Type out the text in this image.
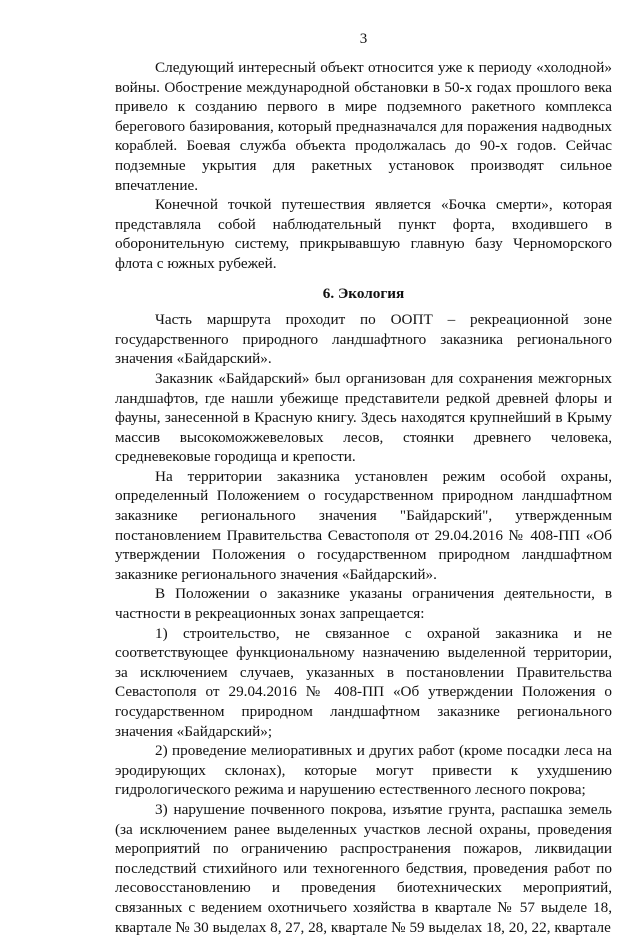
3

Следующий интересный объект относится уже к периоду «холодной» войны. Обострение международной обстановки в 50-х годах прошлого века привело к созданию первого в мире подземного ракетного комплекса берегового базирования, который предназначался для поражения надводных кораблей. Боевая служба объекта продолжалась до 90-х годов. Сейчас подземные укрытия для ракетных установок производят сильное впечатление.

Конечной точкой путешествия является «Бочка смерти», которая представляла собой наблюдательный пункт форта, входившего в оборонительную систему, прикрывавшую главную базу Черноморского флота с южных рубежей.

6. Экология

Часть маршрута проходит по ООПТ – рекреационной зоне государственного природного ландшафтного заказника регионального значения «Байдарский».

Заказник «Байдарский» был организован для сохранения межгорных ландшафтов, где нашли убежище представители редкой древней флоры и фауны, занесенной в Красную книгу. Здесь находятся крупнейший в Крыму массив высокоможжевеловых лесов, стоянки древнего человека, средневековые городища и крепости.

На территории заказника установлен режим особой охраны, определенный Положением о государственном природном ландшафтном заказнике регионального значения "Байдарский", утвержденным постановлением Правительства Севастополя от 29.04.2016 № 408-ПП «Об утверждении Положения о государственном природном ландшафтном заказнике регионального значения «Байдарский».

В Положении о заказнике указаны ограничения деятельности, в частности в рекреационных зонах запрещается:

1) строительство, не связанное с охраной заказника и не соответствующее функциональному назначению выделенной территории, за исключением случаев, указанных в постановлении Правительства Севастополя от 29.04.2016 № 408-ПП «Об утверждении Положения о государственном природном ландшафтном заказнике регионального значения «Байдарский»;

2) проведение мелиоративных и других работ (кроме посадки леса на эродирующих склонах), которые могут привести к ухудшению гидрологического режима и нарушению естественного лесного покрова;

3) нарушение почвенного покрова, изъятие грунта, распашка земель (за исключением ранее выделенных участков лесной охраны, проведения мероприятий по ограничению распространения пожаров, ликвидации последствий стихийного или техногенного бедствия, проведения работ по лесовосстановлению и проведения биотехнических мероприятий, связанных с ведением охотничьего хозяйства в квартале № 57 выделе 18, квартале № 30 выделах 8, 27, 28, квартале № 59 выделах 18, 20, 22, квартале
